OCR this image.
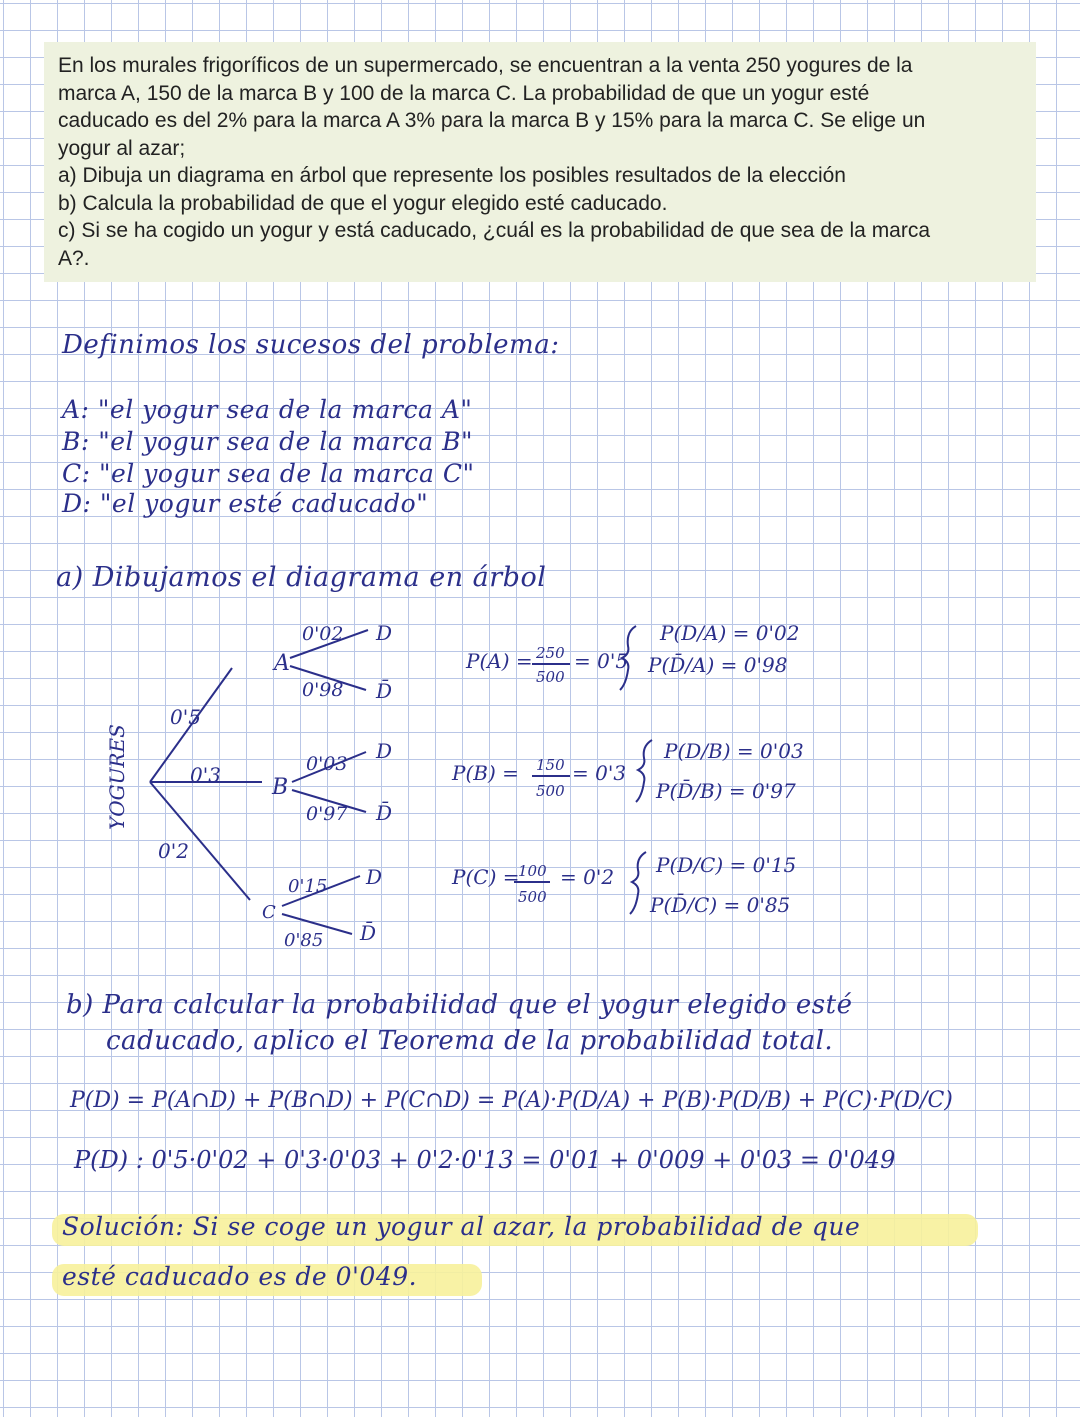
En los murales frigoríficos de un supermercado, se encuentran a la venta 250 yogures de la
marca A, 150 de la marca B y 100 de la marca C. La probabilidad de que un yogur esté
caducado es del 2% para la marca A 3% para la marca B y 15% para la marca C. Se elige un
yogur al azar;
a) Dibuja un diagrama en árbol que represente los posibles resultados de la elección
b) Calcula la probabilidad de que el yogur elegido esté caducado.
c) Si se ha cogido un yogur y está caducado, ¿cuál es la probabilidad de que sea de la marca
A?.
Definimos los sucesos del problema:
A: "el yogur sea de la marca A"
B: "el yogur sea de la marca B"
C: "el yogur sea de la marca C"
D: "el yogur esté caducado"
a) Dibujamos el diagrama en árbol
YOGURES
0'5
0'3
0'2
A
B
C
0'02
0'98
D
D̄
0'03
0'97
D
D̄
0'15
0'85
D
D̄
P(A) = 250
500
= 0'5
P(D/A) = 0'02
P(D̄/A) = 0'98
P(B) = 150
500
= 0'3
P(D/B) = 0'03
P(D̄/B) = 0'97
P(C) =
100
500
= 0'2 P(D/C) = 0'15
P(D̄/C) = 0'85
b) Para calcular la probabilidad que el yogur elegido esté
caducado, aplico el Teorema de la probabilidad total.
P(D) = P(A∩D) + P(B∩D) + P(C∩D) = P(A)·P(D/A) + P(B)·P(D/B) + P(C)·P(D/C)
P(D) : 0'5·0'02 + 0'3·0'03 + 0'2·0'13 = 0'01 + 0'009 + 0'03 = 0'049
Solución: Si se coge un yogur al azar, la probabilidad de que
esté caducado es de 0'049.
